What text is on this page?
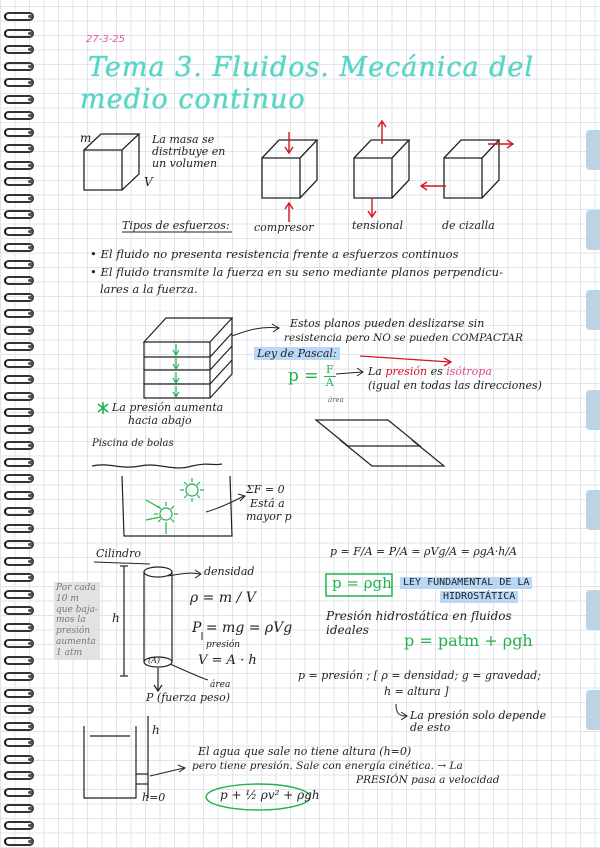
27-3-25
Tema 3. Fluidos. Mecánica del
medio continuo
m
V
La masa se
distribuye en
un volumen
Tipos de esfuerzos: compresor	tensional	de cizalla
• El fluido no presenta resistencia frente a esfuerzos continuos
• El fluido transmite la fuerza en su seno mediante planos perpendicu-
lares a la fuerza.
Estos planos pueden deslizarse sin
resistencia pero NO se pueden COMPACTAR
Ley de Pascal:
$p = \frac{F}{A}$
área
La presión es isótropa
(igual en todas las direcciones)
La presión aumenta
hacia abajo
Piscina de bolas
ΣF = 0
Está a
mayor p
Cilindro
Por cada
10 m
que baja-
mos la
presión
aumenta
1 atm
h
(A)
densidad
ρ = m / V
P = mg = ρVg
presión
V = A · h
área
P (fuerza peso)
p = F/A = P/A = ρVg/A = ρgA·h/A
p = ρgh	LEY FUNDAMENTAL DE LA
HIDROSTÁTICA
Presión hidrostática en fluidos
ideales
p = patm + ρgh
p = presión ; [ ρ = densidad; g = gravedad;
h = altura ]
La presión solo depende
de esto
h
h=0
El agua que sale no tiene altura (h=0)
pero tiene presión. Sale con energía cinética. → La
PRESIÓN pasa a velocidad
p + ½ ρv² + ρgh
